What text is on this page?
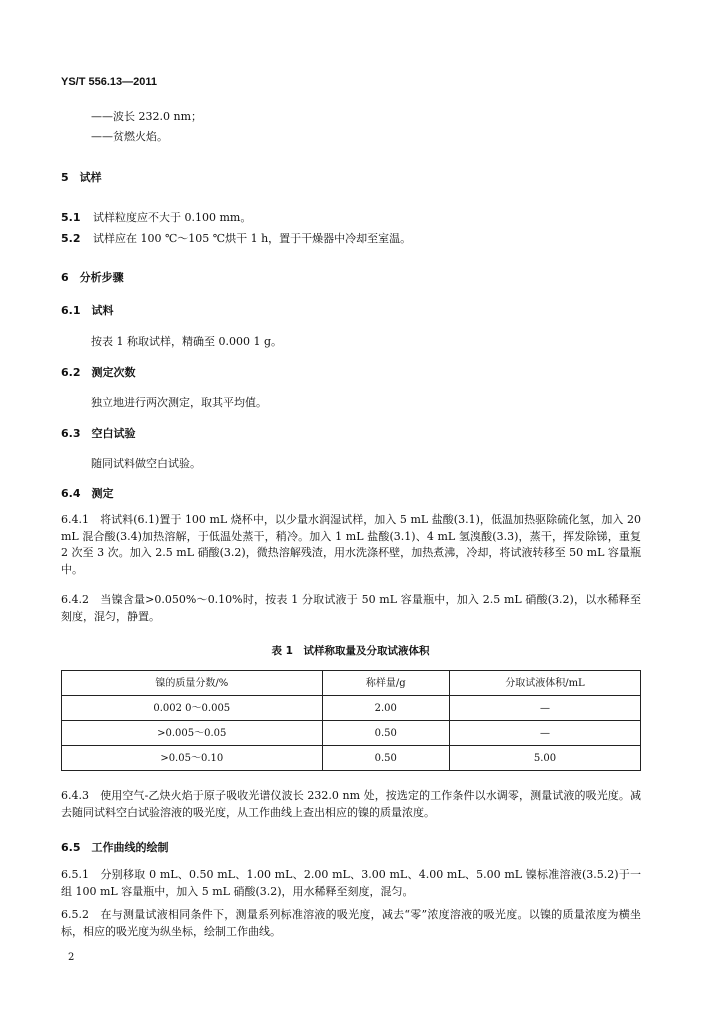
YS/T 556.13—2011
——波长 232.0 nm；
——贫燃火焰。
5　试样
5.1 试样粒度应不大于 0.100 mm。
5.2 试样应在 100 ℃～105 ℃烘干 1 h，置于干燥器中冷却至室温。
6　分析步骤
6.1　试料
按表 1 称取试样，精确至 0.000 1 g。
6.2　测定次数
独立地进行两次测定，取其平均值。
6.3　空白试验
随同试料做空白试验。
6.4　测定
6.4.1　将试料(6.1)置于 100 mL 烧杯中，以少量水润湿试样，加入 5 mL 盐酸(3.1)，低温加热驱除硫化氢，加入 20 mL 混合酸(3.4)加热溶解，于低温处蒸干，稍冷。加入 1 mL 盐酸(3.1)、4 mL 氢溴酸(3.3)，蒸干，挥发除锑，重复 2 次至 3 次。加入 2.5 mL 硝酸(3.2)，微热溶解残渣，用水洗涤杯壁，加热煮沸，冷却，将试液转移至 50 mL 容量瓶中。
6.4.2　当镍含量>0.050%～0.10%时，按表 1 分取试液于 50 mL 容量瓶中，加入 2.5 mL 硝酸(3.2)，以水稀释至刻度，混匀，静置。
表 1　试样称取量及分取试液体积
镍的质量分数/%	称样量/g	分取试液体积/mL
0.002 0～0.005	2.00	—
>0.005～0.05	0.50	—
>0.05～0.10	0.50	5.00
6.4.3　使用空气-乙炔火焰于原子吸收光谱仪波长 232.0 nm 处，按选定的工作条件以水调零，测量试液的吸光度。减去随同试料空白试验溶液的吸光度，从工作曲线上查出相应的镍的质量浓度。
6.5　工作曲线的绘制
6.5.1　分别移取 0 mL、0.50 mL、1.00 mL、2.00 mL、3.00 mL、4.00 mL、5.00 mL 镍标准溶液(3.5.2)于一组 100 mL 容量瓶中，加入 5 mL 硝酸(3.2)，用水稀释至刻度，混匀。
6.5.2　在与测量试液相同条件下，测量系列标准溶液的吸光度，减去“零”浓度溶液的吸光度。以镍的质量浓度为横坐标，相应的吸光度为纵坐标，绘制工作曲线。
2
